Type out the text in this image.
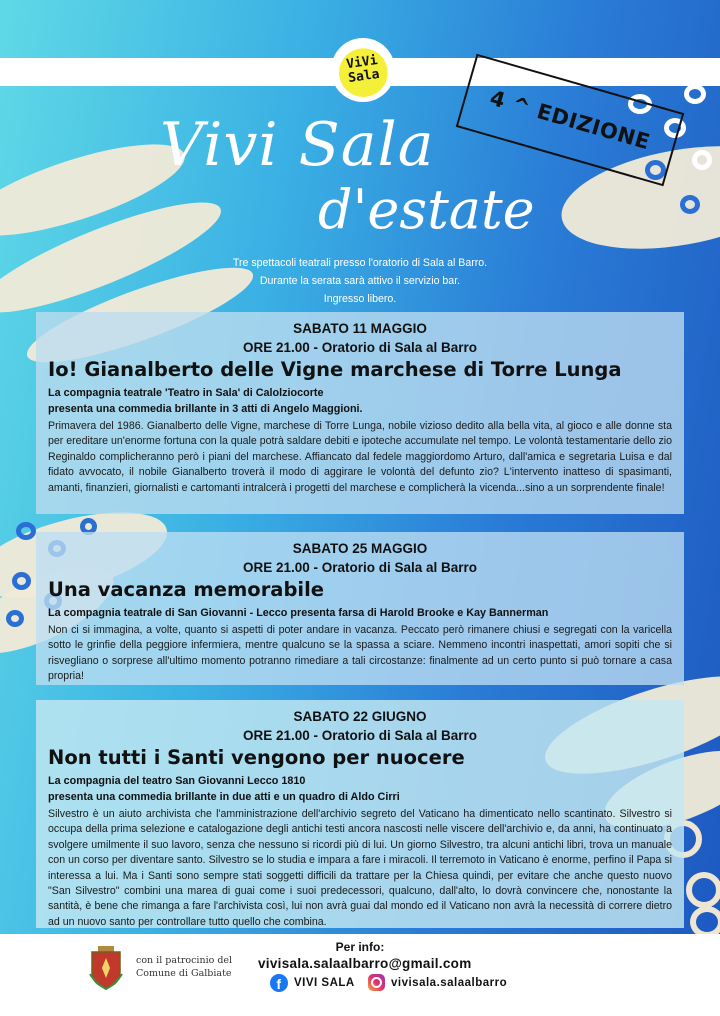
ViVi
Sala
4 ^ EDIZIONE
Vivi Sala
d'estate
Tre spettacoli teatrali presso l'oratorio di Sala al Barro.
Durante la serata sarà attivo il servizio bar.
Ingresso libero.
SABATO 11 MAGGIO
ORE 21.00 - Oratorio di Sala al Barro
Io! Gianalberto delle Vigne marchese di Torre Lunga
La compagnia teatrale 'Teatro in Sala' di Calolziocorte
presenta una commedia brillante in 3 atti di Angelo Maggioni.
Primavera del 1986. Gianalberto delle Vigne, marchese di Torre Lunga, nobile vizioso dedito alla bella vita, al gioco e alle donne sta per ereditare un'enorme fortuna con la quale potrà saldare debiti e ipoteche accumulate nel tempo. Le volontà testamentarie dello zio Reginaldo complicheranno però i piani del marchese. Affiancato dal fedele maggiordomo Arturo, dall'amica e segretaria Luisa e dal fidato avvocato, il nobile Gianalberto troverà il modo di aggirare le volontà del defunto zio? L'intervento inatteso di spasimanti, amanti, finanzieri, giornalisti e cartomanti intralcerà i progetti del marchese e complicherà la vicenda...sino a un sorprendente finale!
SABATO 25 MAGGIO
ORE 21.00 - Oratorio di Sala al Barro
Una vacanza memorabile
La compagnia teatrale di San Giovanni - Lecco presenta farsa di Harold Brooke e Kay Bannerman
Non ci si immagina, a volte, quanto si aspetti di poter andare in vacanza. Peccato però rimanere chiusi e segregati con la varicella sotto le grinfie della peggiore infermiera, mentre qualcuno se la spassa a sciare. Nemmeno incontri inaspettati, amori sopiti che si risvegliano o sorprese all'ultimo momento potranno rimediare a tali circostanze: finalmente ad un certo punto si può tornare a casa propria!
SABATO 22 GIUGNO
ORE 21.00 - Oratorio di Sala al Barro
Non tutti i Santi vengono per nuocere
La compagnia del teatro San Giovanni Lecco 1810
presenta una commedia brillante in due atti e un quadro di Aldo Cirri
Silvestro è un aiuto archivista che l'amministrazione dell'archivio segreto del Vaticano ha dimenticato nello scantinato. Silvestro si occupa della prima selezione e catalogazione degli antichi testi ancora nascosti nelle viscere dell'archivio e, da anni, ha continuato a svolgere umilmente il suo lavoro, senza che nessuno si ricordi più di lui. Un giorno Silvestro, tra alcuni antichi libri, trova un manuale con un corso per diventare santo. Silvestro se lo studia e impara a fare i miracoli. Il terremoto in Vaticano è enorme, perfino il Papa si interessa a lui. Ma i Santi sono sempre stati soggetti difficili da trattare per la Chiesa quindi, per evitare che anche questo nuovo "San Silvestro" combini una marea di guai come i suoi predecessori, qualcuno, dall'alto, lo dovrà convincere che, nonostante la santità, è bene che rimanga a fare l'archivista così, lui non avrà guai dal mondo ed il Vaticano non avrà la necessità di correre dietro ad un nuovo santo per controllare tutto quello che combina.
con il patrocinio del
Comune di Galbiate
Per info:
vivisala.salaalbarro@gmail.com
f	VIVI SALA	vivisala.salaalbarro
